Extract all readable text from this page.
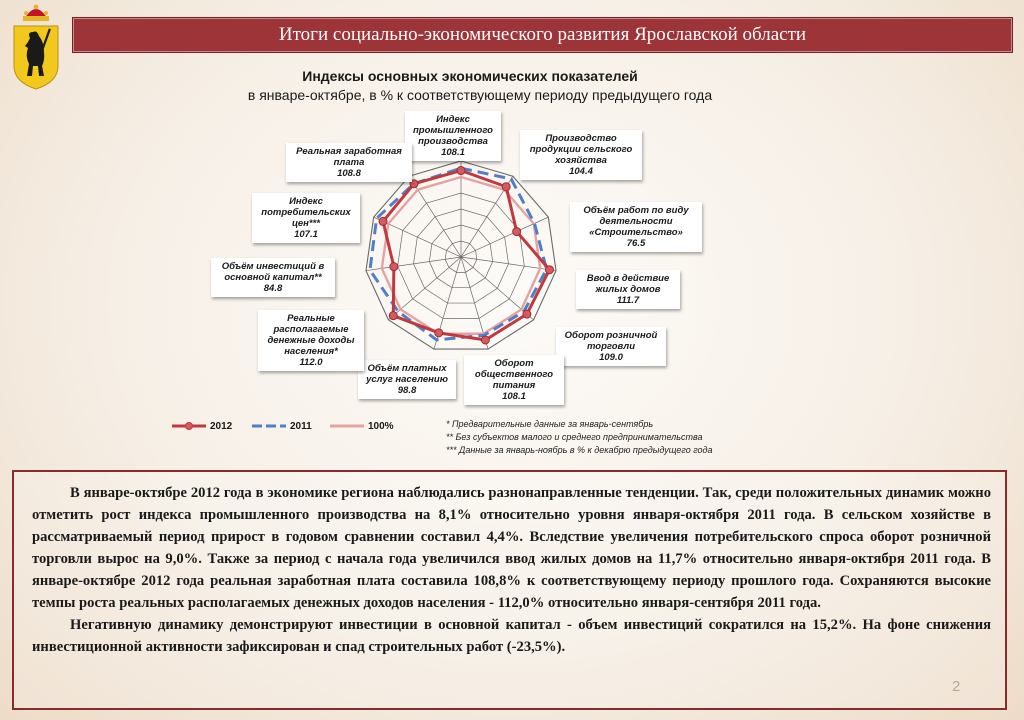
Итоги социально-экономического развития Ярославской области
Индексы основных экономических показателей
в январе-октябре, в % к соответствующему периоду предыдущего года
Индекс промышленного производства
108.1
Производство продукции сельского хозяйства
104.4
Объём работ по виду деятельности «Строительство»
76.5
Ввод в действие жилых домов
111.7
Оборот розничной торговли
109.0
Оборот общественного питания
108.1
Объём платных услуг населению
98.8
Реальные располагаемые денежные доходы населения*
112.0
Объём инвестиций в основной капитал**
84.8
Индекс потребительских цен***
107.1
Реальная заработная плата
108.8
2012	2011	100%	* Предварительные данные за январь-сентябрь
** Без субъектов малого и среднего предпринимательства
*** Данные за январь-ноябрь в % к декабрю предыдущего года

В январе-октябре 2012 года в экономике региона наблюдались разнонаправленные тенденции. Так, среди положительных динамик можно отметить рост индекса промышленного производства на 8,1% относительно уровня января-октября 2011 года. В сельском хозяйстве в рассматриваемый период прирост в годовом сравнении составил 4,4%. Вследствие увеличения потребительского спроса оборот розничной торговли вырос на 9,0%. Также за период с начала года увеличился ввод жилых домов на 11,7% относительно января-октября 2011 года. В январе-октябре 2012 года реальная заработная плата составила 108,8% к соответствующему периоду прошлого года. Сохраняются высокие темпы роста реальных располагаемых денежных доходов населения - 112,0% относительно января-сентября 2011 года.

Негативную динамику демонстрируют инвестиции в основной капитал - объем инвестиций сократился на 15,2%. На фоне снижения инвестиционной активности зафиксирован и спад строительных работ (-23,5%).

2
